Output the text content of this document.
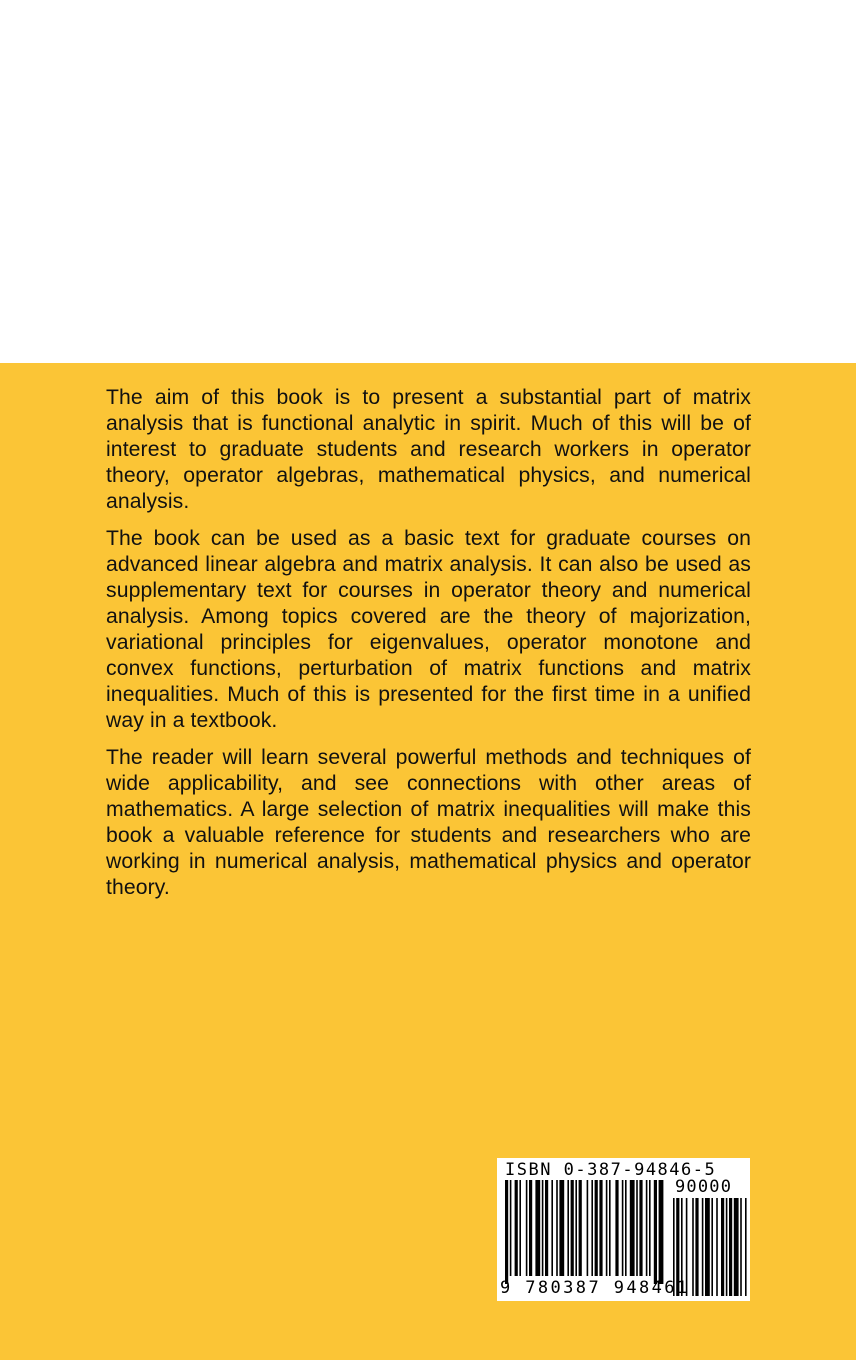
The aim of this book is to present a substantial part of matrix analysis that is functional analytic in spirit. Much of this will be of interest to graduate students and research workers in operator theory, operator algebras, mathematical physics, and numerical analysis.

The book can be used as a basic text for graduate courses on advanced linear algebra and matrix analysis. It can also be used as supplementary text for courses in operator theory and numerical analysis. Among topics covered are the theory of majorization, variational principles for eigenvalues, operator monotone and convex functions, perturbation of matrix functions and matrix inequalities. Much of this is presented for the first time in a unified way in a textbook.

The reader will learn several powerful methods and techniques of wide applicability, and see connections with other areas of mathematics. A large selection of matrix inequalities will make this book a valuable reference for students and researchers who are working in numerical analysis, mathematical physics and operator theory.

ISBN 0-387-94846-5
90000
9 780387 948461
